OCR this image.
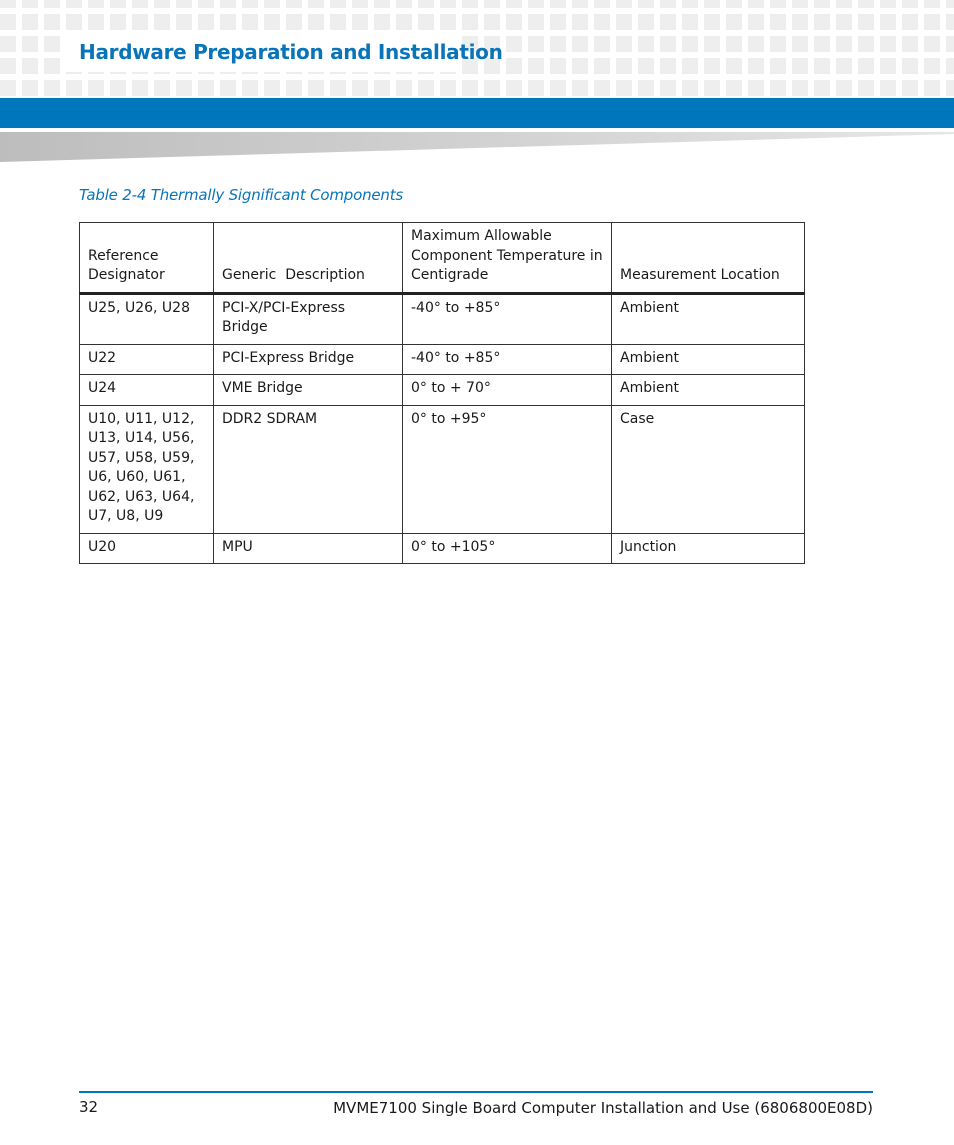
Hardware Preparation and Installation
Table 2-4 Thermally Significant Components
Reference Designator	Generic  Description	Maximum Allowable Component Temperature in Centigrade	Measurement Location
U25, U26, U28	PCI-X/PCI-Express Bridge	-40° to +85°	Ambient
U22	PCI-Express Bridge	-40° to +85°	Ambient
U24	VME Bridge	0° to + 70°	Ambient
U10, U11, U12, U13, U14, U56, U57, U58, U59, U6, U60, U61, U62, U63, U64, U7, U8, U9	DDR2 SDRAM	0° to +95°	Case
U20	MPU	0° to +105°	Junction
32	MVME7100 Single Board Computer Installation and Use (6806800E08D)
